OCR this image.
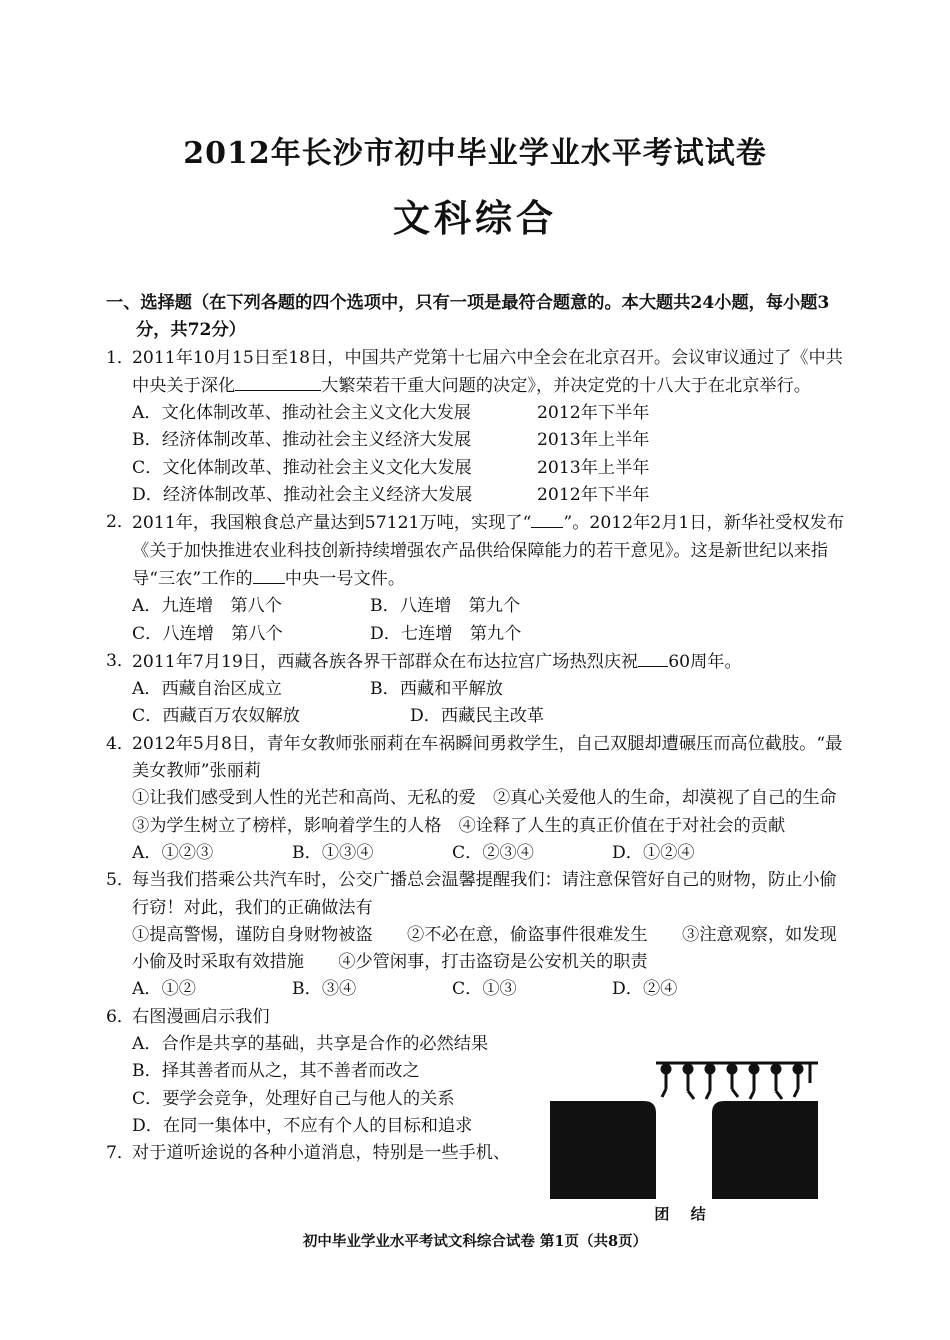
2012年长沙市初中毕业学业水平考试试卷
文科综合
一、选择题（在下列各题的四个选项中，只有一项是最符合题意的。本大题共24小题，每小题3分，共72分）
1．
2011年10月15日至18日，中国共产党第十七届六中全会在北京召开。会议审议通过了《中共中央关于深化	大繁荣若干重大问题的决定》，并决定党的十八大于在北京举行。
A．文化体制改革、推动社会主义文化大发展	2012年下半年
B．经济体制改革、推动社会主义经济大发展	2013年上半年
C．文化体制改革、推动社会主义文化大发展	2013年上半年
D．经济体制改革、推动社会主义经济大发展	2012年下半年
2．
2011年，我国粮食总产量达到57121万吨，实现了“ ”。2012年2月1日，新华社受权发布《关于加快推进农业科技创新持续增强农产品供给保障能力的若干意见》。这是新世纪以来指导“三农”工作的 中央一号文件。
A．九连增　第八个	B．八连增　第九个
C．八连增　第八个	D．七连增　第九个
3．
2011年7月19日，西藏各族各界干部群众在布达拉宫广场热烈庆祝 60周年。
A．西藏自治区成立	B．西藏和平解放
C．西藏百万农奴解放	D．西藏民主改革
4．
2012年5月8日，青年女教师张丽莉在车祸瞬间勇救学生，自己双腿却遭碾压而高位截肢。“最美女教师”张丽莉
①让我们感受到人性的光芒和高尚、无私的爱　②真心关爱他人的生命，却漠视了自己的生命　③为学生树立了榜样，影响着学生的人格　④诠释了人生的真正价值在于对社会的贡献
A．①②③	B．①③④	C．②③④	D．①②④
5．
每当我们搭乘公共汽车时，公交广播总会温馨提醒我们：请注意保管好自己的财物，防止小偷行窃！对此，我们的正确做法有
①提高警惕，谨防自身财物被盗　　②不必在意，偷盗事件很难发生　　③注意观察，如发现小偷及时采取有效措施　　④少管闲事，打击盗窃是公安机关的职责
A．①②	B．③④	C．①③	D．②④
6．
右图漫画启示我们
A．合作是共享的基础，共享是合作的必然结果
B．择其善者而从之，其不善者而改之
C．要学会竞争，处理好自己与他人的关系
D．在同一集体中，不应有个人的目标和追求
7．
对于道听途说的各种小道消息，特别是一些手机、
团 结
初中毕业学业水平考试文科综合试卷 第1页（共8页）
